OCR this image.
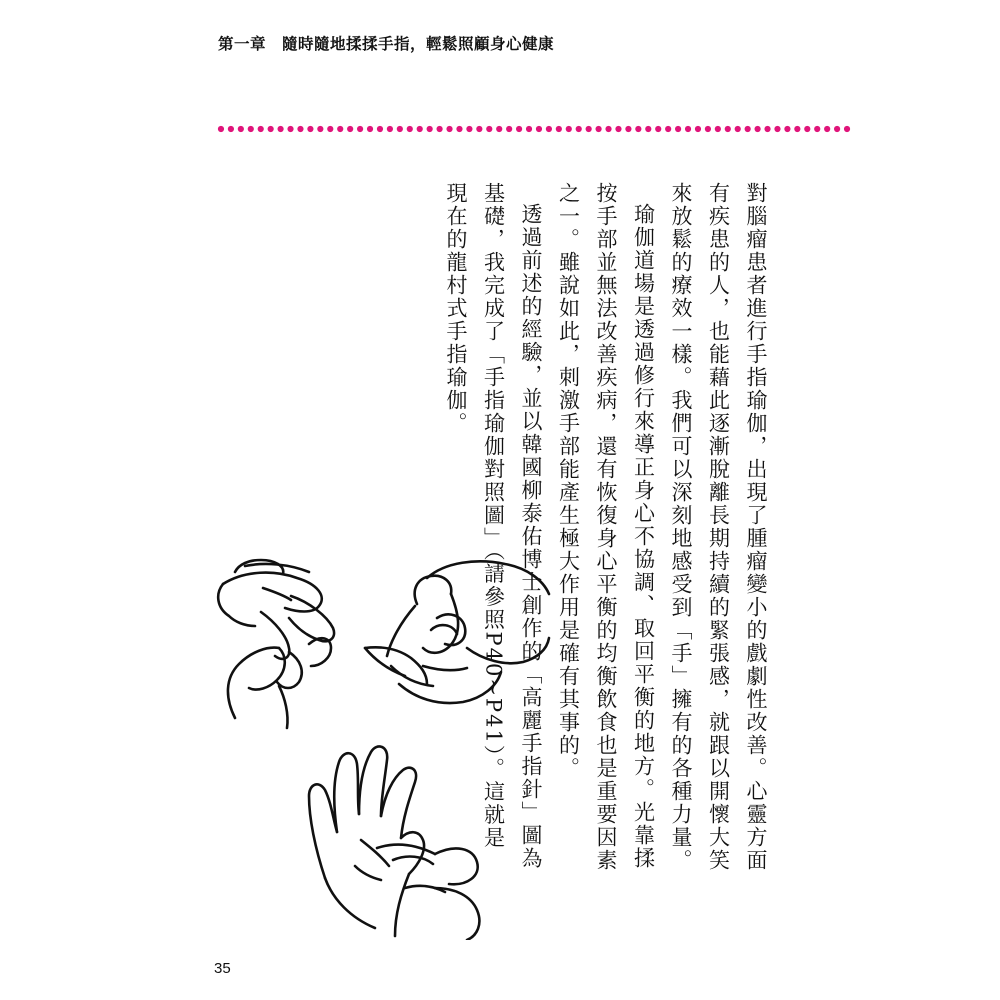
第一章　隨時隨地揉揉手指，輕鬆照顧身心健康

對腦瘤患者進行手指瑜伽，出現了腫瘤變小的戲劇性改善。心靈方面有疾患的人，也能藉此逐漸脫離長期持續的緊張感，就跟以開懷大笑來放鬆的療效一樣。我們可以深刻地感受到「手」擁有的各種力量。

瑜伽道場是透過修行來導正身心不協調、取回平衡的地方。光靠揉按手部並無法改善疾病，還有恢復身心平衡的均衡飲食也是重要因素之一。雖說如此，刺激手部能產生極大作用是確有其事的。

透過前述的經驗，並以韓國柳泰佑博士創作的「高麗手指針」圖為基礎，我完成了「手指瑜伽對照圖」（請參照P40~P41）。這就是現在的龍村式手指瑜伽。

35
